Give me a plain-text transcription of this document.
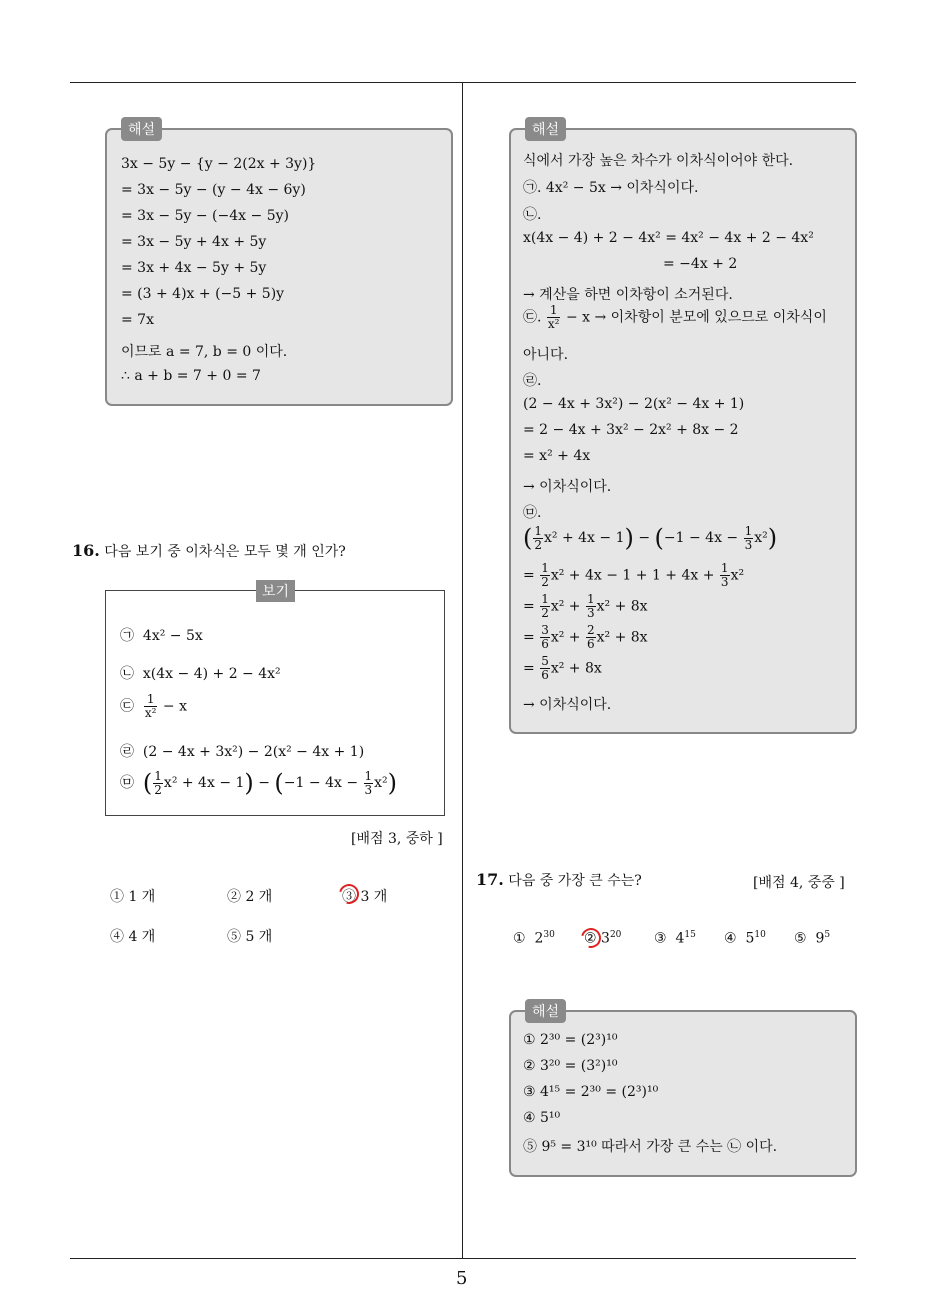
5
해설
3x − 5y − {y − 2(2x + 3y)}
= 3x − 5y − (y − 4x − 6y)
= 3x − 5y − (−4x − 5y)
= 3x − 5y + 4x + 5y
= 3x + 4x − 5y + 5y
= (3 + 4)x + (−5 + 5)y
= 7x
이므로 a = 7, b = 0 이다.
∴ a + b = 7 + 0 = 7
16. 다음 보기 중 이차식은 모두 몇 개 인가?
보기
㉠ 4x² − 5x
㉡ x(4x − 4) + 2 − 4x²
㉢ $\frac{1}{\text{x²}} - x$
㉣ (2 − 4x + 3x²) − 2(x² − 4x + 1)
㉤ ( $\frac{1}{2} x^2 + 4x - 1) - (-1 - 4x - \frac{1}{3} x^2)$
[배점 3, 중하 ]
① 1 개	② 2 개	③ 3 개
④ 4 개	⑤ 5 개
해설
식에서 가장 높은 차수가 이차식이어야 한다.
㉠. 4x² − 5x → 이차식이다.
㉡.
x(4x − 4) + 2 − 4x² = 4x² − 4x + 2 − 4x²
= −4x + 2
→ 계산을 하면 이차항이 소거된다.
㉢. $\frac{1}{\text{x²}} - x$ → 이차항이 분모에 있으므로 이차식이
아니다.
㉣.
(2 − 4x + 3x²) − 2(x² − 4x + 1)
= 2 − 4x + 3x² − 2x² + 8x − 2
= x² + 4x
→ 이차식이다.
㉤.
( $\frac{1}{2} x^2 + 4x - 1) - (-1 - 4x - \frac{1}{3} x^2)$
= $\frac{1}{2} x^2 + 4x - 1 + 1 + 4x + \frac{1}{3} x^2$
= $\frac{1}{2} x^2 + \frac{1}{3} x^2 + 8x$
= $\frac{3}{6} x^2 + \frac{2}{6} x^2 + 8x$
= $\frac{5}{6} x^2 + 8x$
→ 이차식이다.
17. 다음 중 가장 큰 수는?	[배점 4, 중중 ]
① $2^{30}$ ② $3^{20}$ ③ $4^{15}$ ④ $5^{10}$ ⑤ $9^5$
해설
① 2³⁰ = (2³)¹⁰
② 3²⁰ = (3²)¹⁰
③ 4¹⁵ = 2³⁰ = (2³)¹⁰
④ 5¹⁰
⑤ 9⁵ = 3¹⁰ 따라서 가장 큰 수는 ㉡ 이다.
